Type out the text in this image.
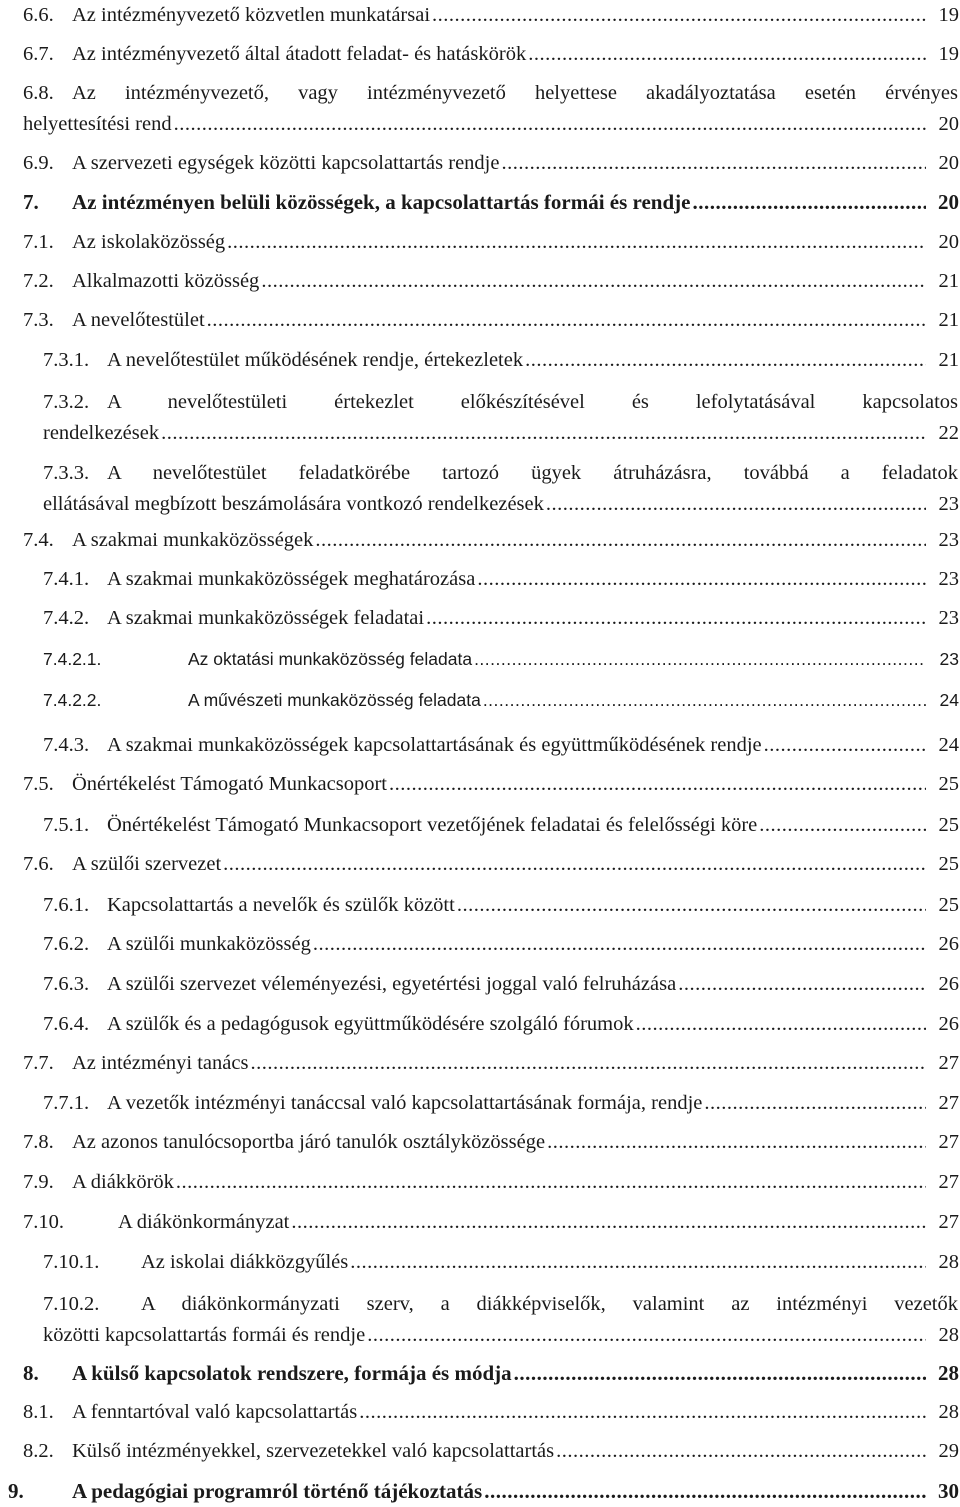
6.6. Az intézményvezető közvetlen munkatársai .....	19
6.7. Az intézményvezető által átadott feladat- és hatáskörök .....	19
6.8. Az intézményvezető, vagy intézményvezető helyettese akadályoztatása esetén érvényes
helyettesítési rend .....	20
6.9. A szervezeti egységek közötti kapcsolattartás rendje .....	20
7. Az intézményen belüli közösségek, a kapcsolattartás formái és rendje .....	20
7.1. Az iskolaközösség .....	20
7.2. Alkalmazotti közösség .....	21
7.3. A nevelőtestület .....	21
7.3.1. A nevelőtestület működésének rendje, értekezletek .....	21
7.3.2. A nevelőtestületi értekezlet előkészítésével és lefolytatásával kapcsolatos
rendelkezések .....	22
7.3.3. A nevelőtestület feladatkörébe tartozó ügyek átruházásra, továbbá a feladatok
ellátásával megbízott beszámolására vontkozó rendelkezések .....	23
7.4. A szakmai munkaközösségek .....	23
7.4.1. A szakmai munkaközösségek meghatározása .....	23
7.4.2. A szakmai munkaközösségek feladatai .....	23
7.4.2.1.	Az oktatási munkaközösség feladata .....	23
7.4.2.2.	A művészeti munkaközösség feladata .....	24
7.4.3. A szakmai munkaközösségek kapcsolattartásának és együttműködésének rendje .....	24
7.5. Önértékelést Támogató Munkacsoport .....	25
7.5.1. Önértékelést Támogató Munkacsoport vezetőjének feladatai és felelősségi köre .....	25
7.6. A szülői szervezet .....	25
7.6.1. Kapcsolattartás a nevelők és szülők között .....	25
7.6.2. A szülői munkaközösség .....	26
7.6.3. A szülői szervezet véleményezési, egyetértési joggal való felruházása .....	26
7.6.4. A szülők és a pedagógusok együttműködésére szolgáló fórumok .....	26
7.7. Az intézményi tanács .....	27
7.7.1. A vezetők intézményi tanáccsal való kapcsolattartásának formája, rendje .....	27
7.8. Az azonos tanulócsoportba járó tanulók osztályközössége .....	27
7.9. A diákkörök .....	27
7.10.	A diákönkormányzat .....	27
7.10.1. Az iskolai diákközgyűlés .....	28
7.10.2. A diákönkormányzati szerv, a diákképviselők, valamint az intézményi vezetők
közötti kapcsolattartás formái és rendje .....	28
8. A külső kapcsolatok rendszere, formája és módja .....	28
8.1. A fenntartóval való kapcsolattartás .....	28
8.2. Külső intézményekkel, szervezetekkel való kapcsolattartás .....	29
9. A pedagógiai programról történő tájékoztatás .....	30
